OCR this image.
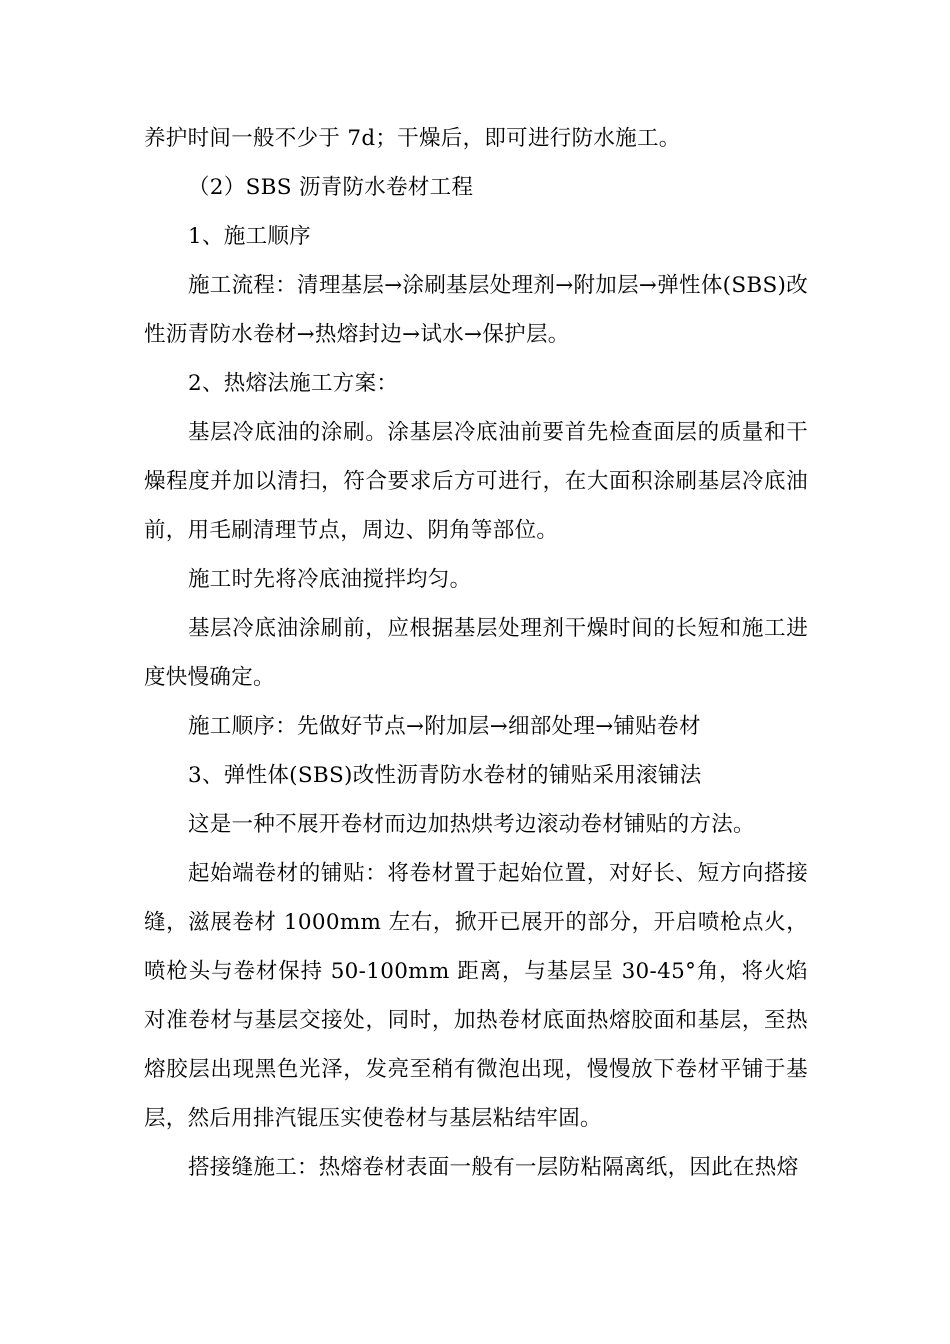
养护时间一般不少于 7d；干燥后，即可进行防水施工。

（2）SBS 沥青防水卷材工程

1、施工顺序

施工流程：清理基层→涂刷基层处理剂→附加层→弹性体(SBS)改性沥青防水卷材→热熔封边→试水→保护层。

2、热熔法施工方案：

基层冷底油的涂刷。涂基层冷底油前要首先检查面层的质量和干燥程度并加以清扫，符合要求后方可进行，在大面积涂刷基层冷底油前，用毛刷清理节点，周边、阴角等部位。

施工时先将冷底油搅拌均匀。

基层冷底油涂刷前，应根据基层处理剂干燥时间的长短和施工进度快慢确定。

施工顺序：先做好节点→附加层→细部处理→铺贴卷材

3、弹性体(SBS)改性沥青防水卷材的铺贴采用滚铺法

这是一种不展开卷材而边加热烘考边滚动卷材铺贴的方法。

起始端卷材的铺贴：将卷材置于起始位置，对好长、短方向搭接缝，滋展卷材 1000mm 左右，掀开已展开的部分，开启喷枪点火，喷枪头与卷材保持 50-100mm 距离，与基层呈 30-45°角，将火焰对准卷材与基层交接处，同时，加热卷材底面热熔胶面和基层，至热熔胶层出现黑色光泽，发亮至稍有微泡出现，慢慢放下卷材平铺于基层，然后用排汽锟压实使卷材与基层粘结牢固。

搭接缝施工：热熔卷材表面一般有一层防粘隔离纸，因此在热熔
